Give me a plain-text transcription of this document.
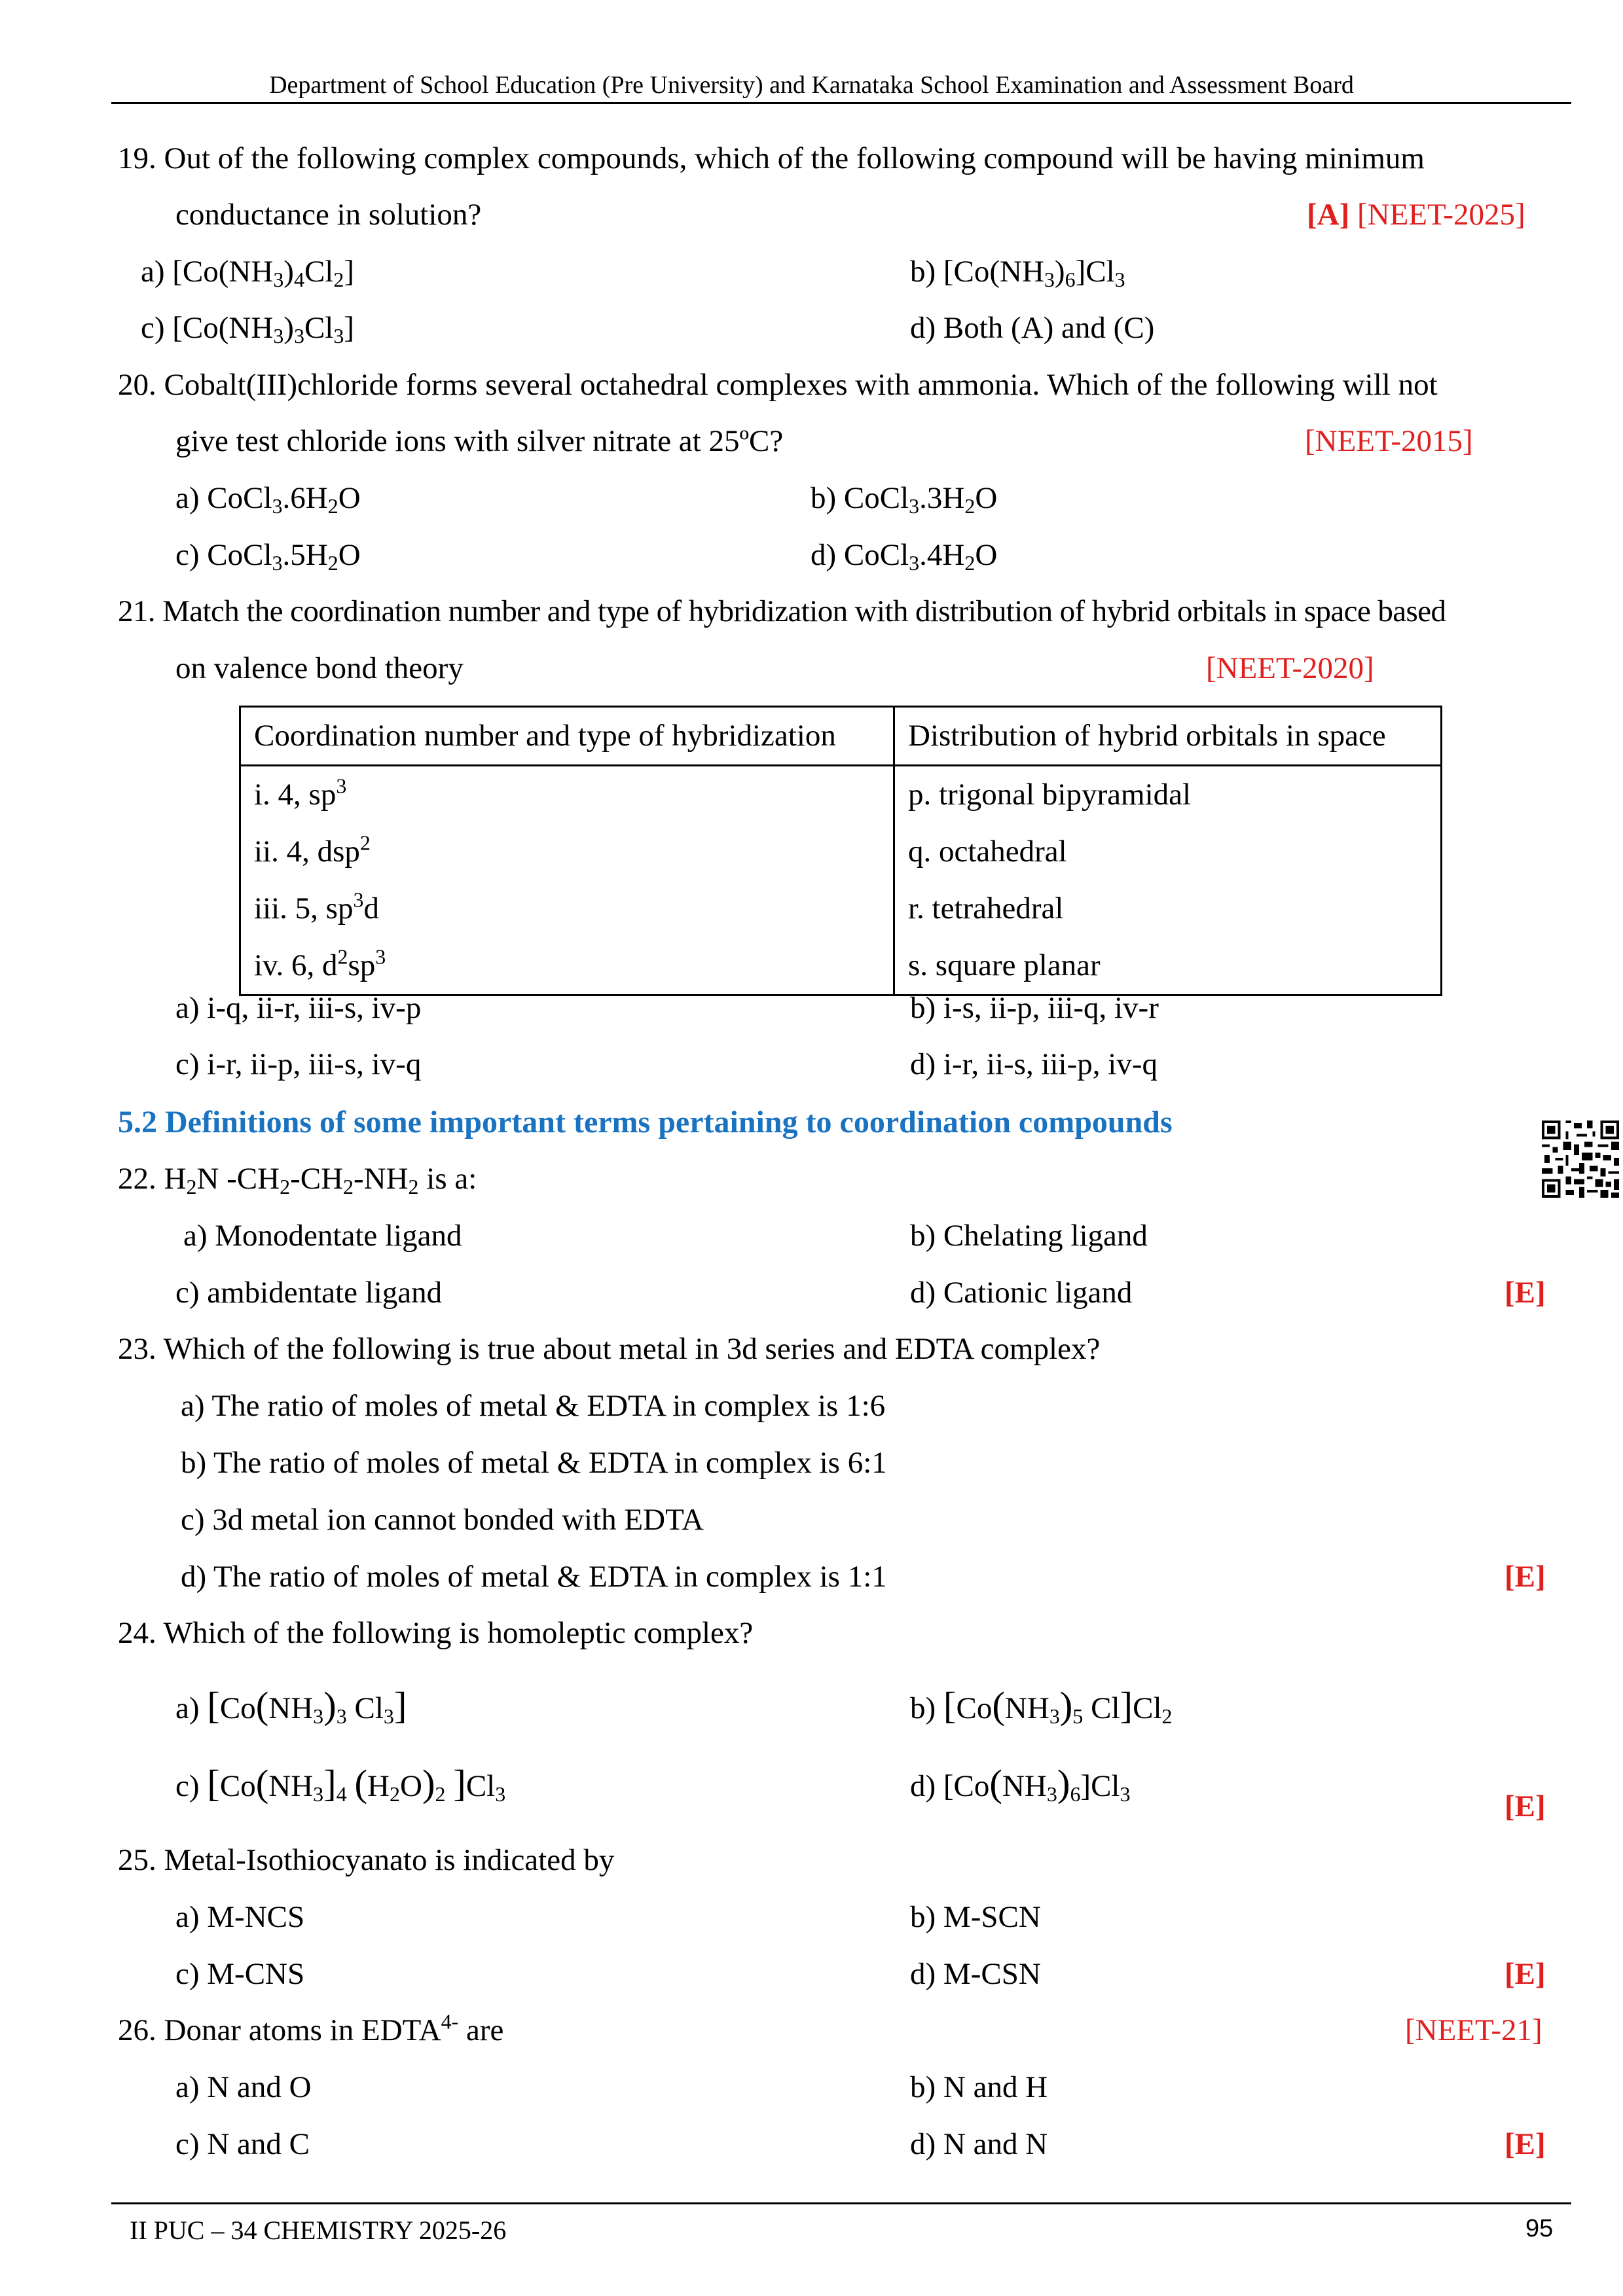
Department of School Education (Pre University) and Karnataka School Examination and Assessment Board
19. Out of the following complex compounds, which of the following compound will be having minimum
conductance in solution?	[A] [NEET-2025]
a) $[Co(NH_3)_4Cl_2]$	b) $[Co(NH_3)_6]Cl_3$
c) $[Co(NH_3)_3Cl_3]$	d) Both (A) and (C)
20. Cobalt(III)chloride forms several octahedral complexes with ammonia. Which of the following will not
give test chloride ions with silver nitrate at 25ºC?	[NEET-2015]
a) $CoCl_3.6H_2O$	b) $CoCl_3.3H_2O$
c) $CoCl_3.5H_2O$	d) $CoCl_3.4H_2O$
21. Match the coordination number and type of hybridization with distribution of hybrid orbitals in space based
on valence bond theory	[NEET-2020]
Coordination number and type of hybridization	Distribution of hybrid orbitals in space
i. 4, $sp^3$	p. trigonal bipyramidal
ii. 4, dsp$^2$	q. octahedral
iii. 5, $sp^3d$	r. tetrahedral
iv. 6, $d^2sp^3$	s. square planar
a) i-q, ii-r, iii-s, iv-p	b) i-s, ii-p, iii-q, iv-r
c) i-r, ii-p, iii-s, iv-q	d) i-r, ii-s, iii-p, iv-q
5.2 Definitions of some important terms pertaining to coordination compounds
22. $H_2N$ $-CH_2-CH_2-NH_2$ is a:
a) Monodentate ligand	b) Chelating ligand
c) ambidentate ligand	d) Cationic ligand	[E]
23. Which of the following is true about metal in 3d series and EDTA complex?
a) The ratio of moles of metal & EDTA in complex is 1:6
b) The ratio of moles of metal & EDTA in complex is 6:1
c) 3d metal ion cannot bonded with EDTA
d) The ratio of moles of metal & EDTA in complex is 1:1	[E]
24. Which of the following is homoleptic complex?
a) [$Co(NH_3)_3$ $Cl_3$]	b) [$Co(NH_3)_5$ $Cl]Cl_2$
c) [$Co(NH_3]_4$ $(H_2O)_2$ ]$Cl_3$	d) $[Co(NH_3)_6]Cl_3$	[E]
25. Metal-Isothiocyanato is indicated by
a) M-NCS	b) M-SCN
c) M-CNS	d) M-CSN	[E]
26. Donar atoms in $EDTA^{4-}$ are	[NEET-21]
a) N and O	b) N and H
c) N and C	d) N and N	[E]
II PUC – 34 CHEMISTRY 2025-26	95
